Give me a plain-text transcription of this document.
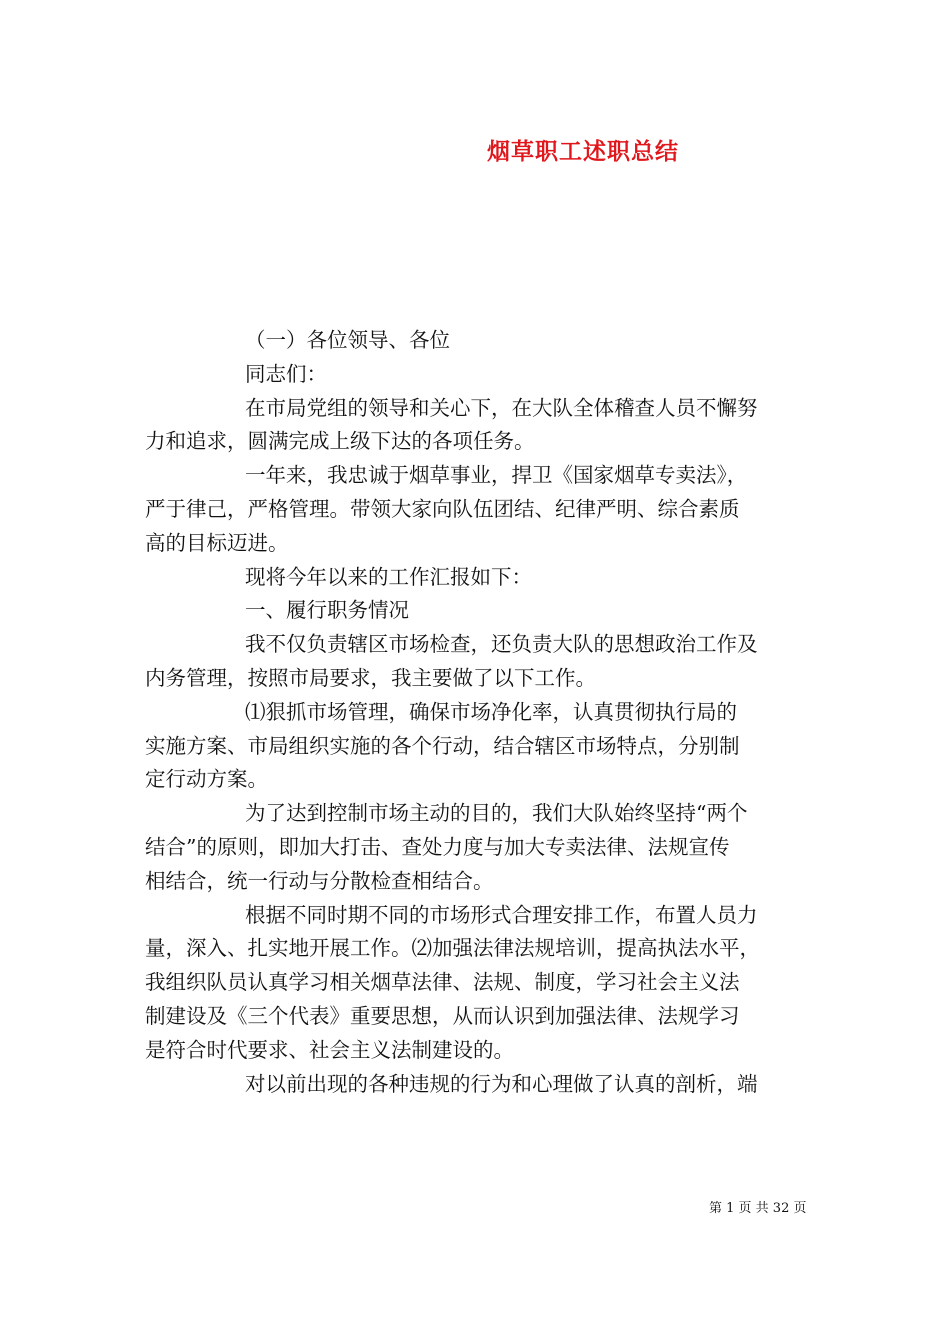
烟草职工述职总结
（一）各位领导、各位
同志们：
在市局党组的领导和关心下，在大队全体稽查人员不懈努
力和追求，圆满完成上级下达的各项任务。
一年来，我忠诚于烟草事业，捍卫《国家烟草专卖法》，
严于律己，严格管理。带领大家向队伍团结、纪律严明、综合素质
高的目标迈进。
现将今年以来的工作汇报如下：
一、履行职务情况
我不仅负责辖区市场检查，还负责大队的思想政治工作及
内务管理，按照市局要求，我主要做了以下工作。
⑴狠抓市场管理，确保市场净化率，认真贯彻执行局的
实施方案、市局组织实施的各个行动，结合辖区市场特点，分别制
定行动方案。
为了达到控制市场主动的目的，我们大队始终坚持“两个
结合”的原则，即加大打击、查处力度与加大专卖法律、法规宣传
相结合，统一行动与分散检查相结合。
根据不同时期不同的市场形式合理安排工作，布置人员力
量，深入、扎实地开展工作。⑵加强法律法规培训，提高执法水平，
我组织队员认真学习相关烟草法律、法规、制度，学习社会主义法
制建设及《三个代表》重要思想，从而认识到加强法律、法规学习
是符合时代要求、社会主义法制建设的。
对以前出现的各种违规的行为和心理做了认真的剖析，端
第 1 页 共 32 页
